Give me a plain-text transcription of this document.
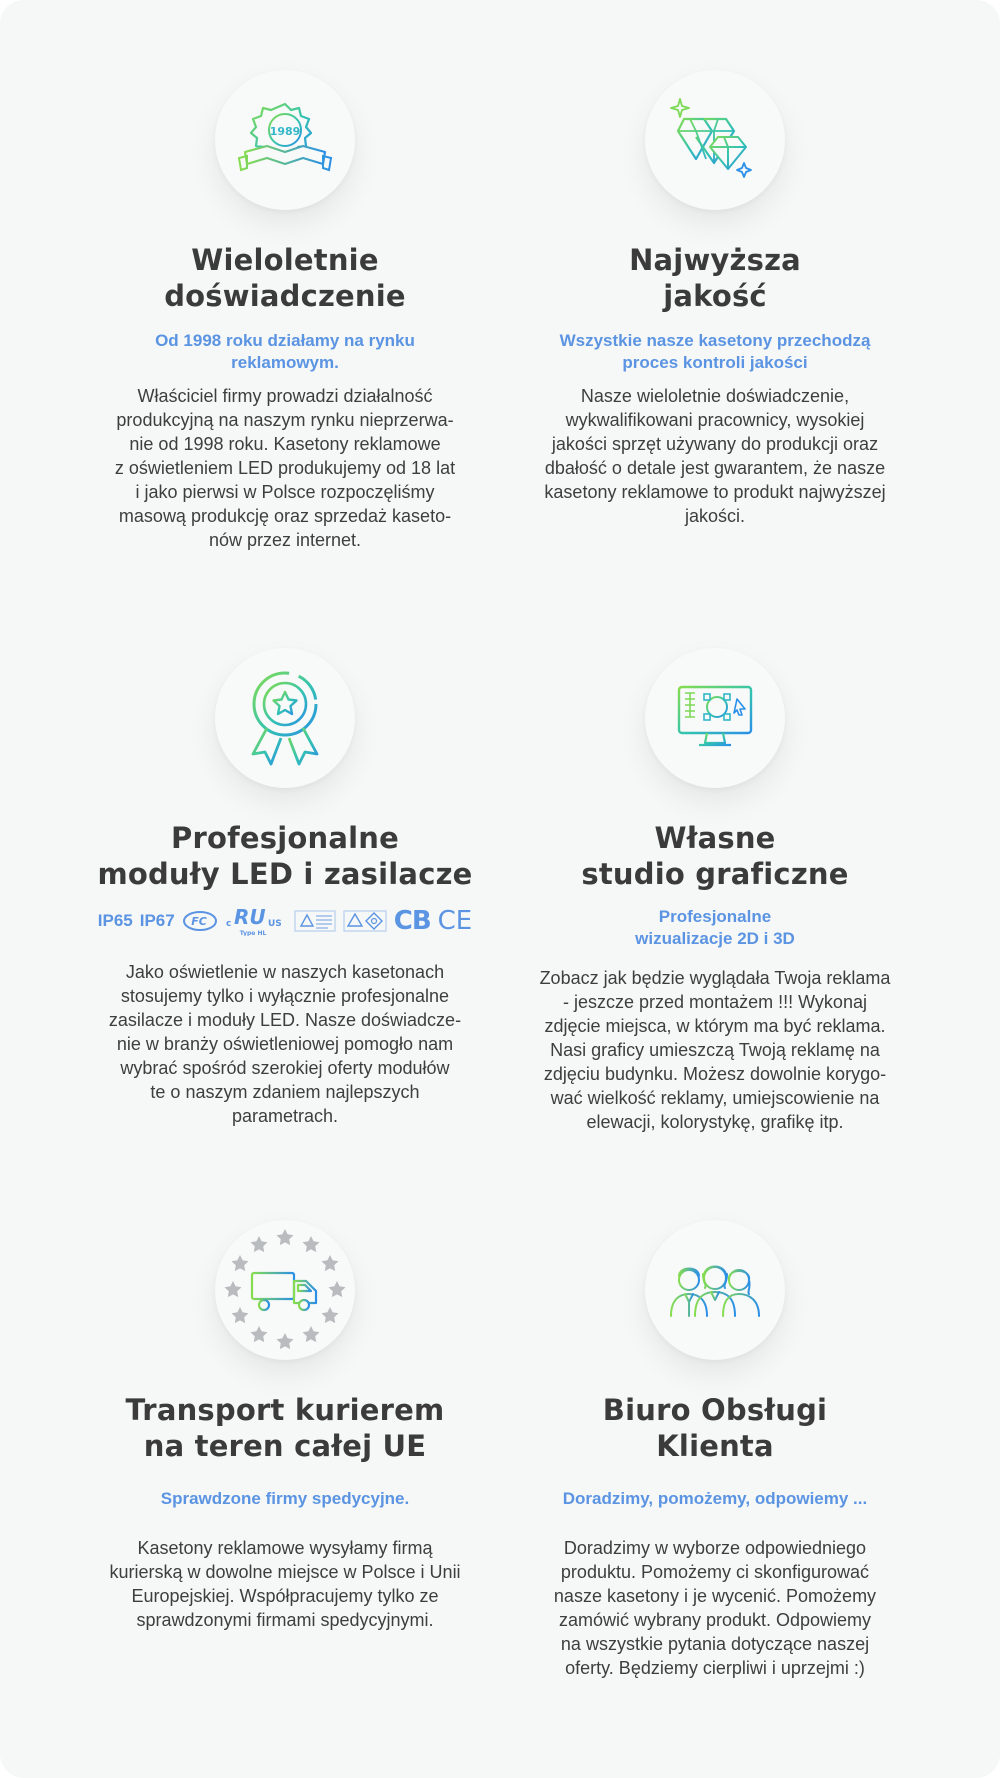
1989
Wieloletnie
doświadczenie
Od 1998 roku działamy na rynku
reklamowym.
Właściciel firmy prowadzi działalność
produkcyjną na naszym rynku nieprzerwa-
nie od 1998 roku. Kasetony reklamowe
z oświetleniem LED produkujemy od 18 lat
i jako pierwsi w Polsce rozpoczęliśmy
masową produkcję oraz sprzedaż kaseto-
nów przez internet.
Najwyższa
jakość
Wszystkie nasze kasetony przechodzą
proces kontroli jakości
Nasze wieloletnie doświadczenie,
wykwalifikowani pracownicy, wysokiej
jakości sprzęt używany do produkcji oraz
dbałość o detale jest gwarantem, że nasze
kasetony reklamowe to produkt najwyższej
jakości.
Profesjonalne
moduły LED i zasilacze
IP65 IP67 FC c RU US
Type HL	CB CE
Jako oświetlenie w naszych kasetonach
stosujemy tylko i wyłącznie profesjonalne
zasilacze i moduły LED. Nasze doświadcze-
nie w branży oświetleniowej pomogło nam
wybrać spośród szerokiej oferty modułów
te o naszym zdaniem najlepszych
parametrach.
Własne
studio graficzne
Profesjonalne
wizualizacje 2D i 3D
Zobacz jak będzie wyglądała Twoja reklama
- jeszcze przed montażem !!! Wykonaj
zdjęcie miejsca, w którym ma być reklama.
Nasi graficy umieszczą Twoją reklamę na
zdjęciu budynku. Możesz dowolnie korygo-
wać wielkość reklamy, umiejscowienie na
elewacji, kolorystykę, grafikę itp.
Transport kurierem
na teren całej UE
Sprawdzone firmy spedycyjne.
Kasetony reklamowe wysyłamy firmą
kurierską w dowolne miejsce w Polsce i Unii
Europejskiej. Współpracujemy tylko ze
sprawdzonymi firmami spedycyjnymi.
Biuro Obsługi
Klienta
Doradzimy, pomożemy, odpowiemy ...
Doradzimy w wyborze odpowiedniego
produktu. Pomożemy ci skonfigurować
nasze kasetony i je wycenić. Pomożemy
zamówić wybrany produkt. Odpowiemy
na wszystkie pytania dotyczące naszej
oferty. Będziemy cierpliwi i uprzejmi :)
